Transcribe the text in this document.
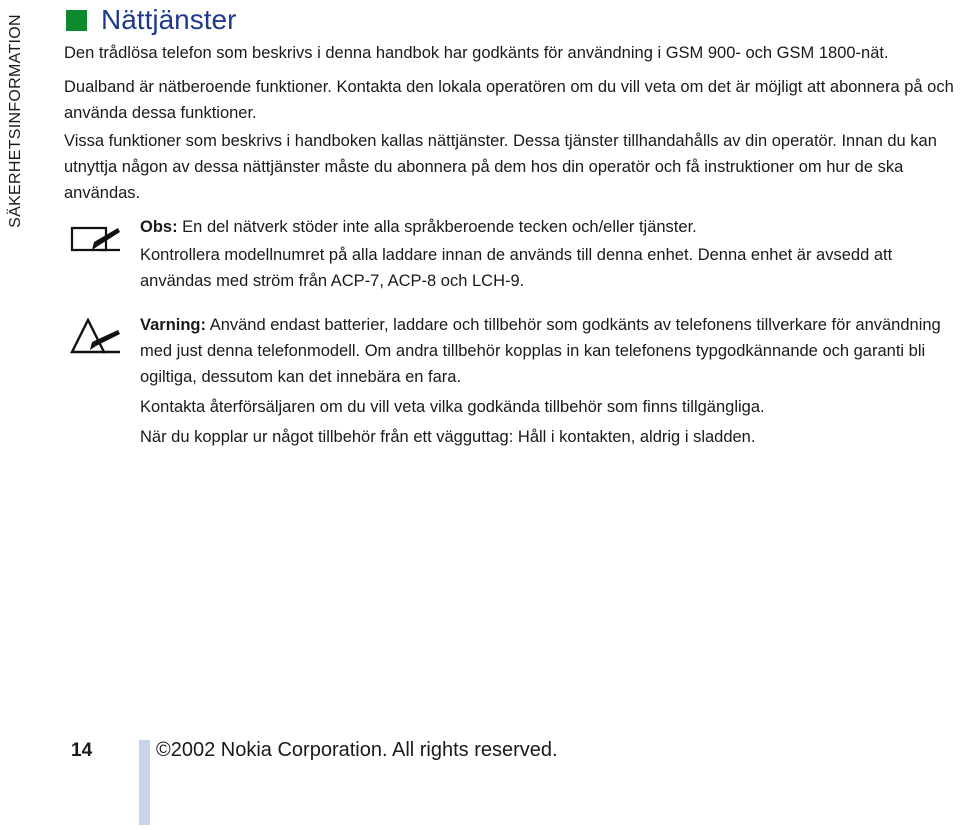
SÄKERHETSINFORMATION	Nättjänster

Den trådlösa telefon som beskrivs i denna handbok har godkänts för användning i GSM 900- och GSM 1800-nät.

Dualband är nätberoende funktioner. Kontakta den lokala operatören om du vill veta om det är möjligt att abonnera på och använda dessa funktioner.

Vissa funktioner som beskrivs i handboken kallas nättjänster. Dessa tjänster tillhandahålls av din operatör. Innan du kan utnyttja någon av dessa nättjänster måste du abonnera på dem hos din operatör och få instruktioner om hur de ska användas.

Obs: En del nätverk stöder inte alla språkberoende tecken och/eller tjänster.

Kontrollera modellnumret på alla laddare innan de används till denna enhet. Denna enhet är avsedd att användas med ström från ACP-7, ACP-8 och LCH-9.

Varning: Använd endast batterier, laddare och tillbehör som godkänts av telefonens tillverkare för användning med just denna telefonmodell. Om andra tillbehör kopplas in kan telefonens typgodkännande och garanti bli ogiltiga, dessutom kan det innebära en fara.

Kontakta återförsäljaren om du vill veta vilka godkända tillbehör som finns tillgängliga.

När du kopplar ur något tillbehör från ett vägguttag: Håll i kontakten, aldrig i sladden.

14	©2002 Nokia Corporation. All rights reserved.
